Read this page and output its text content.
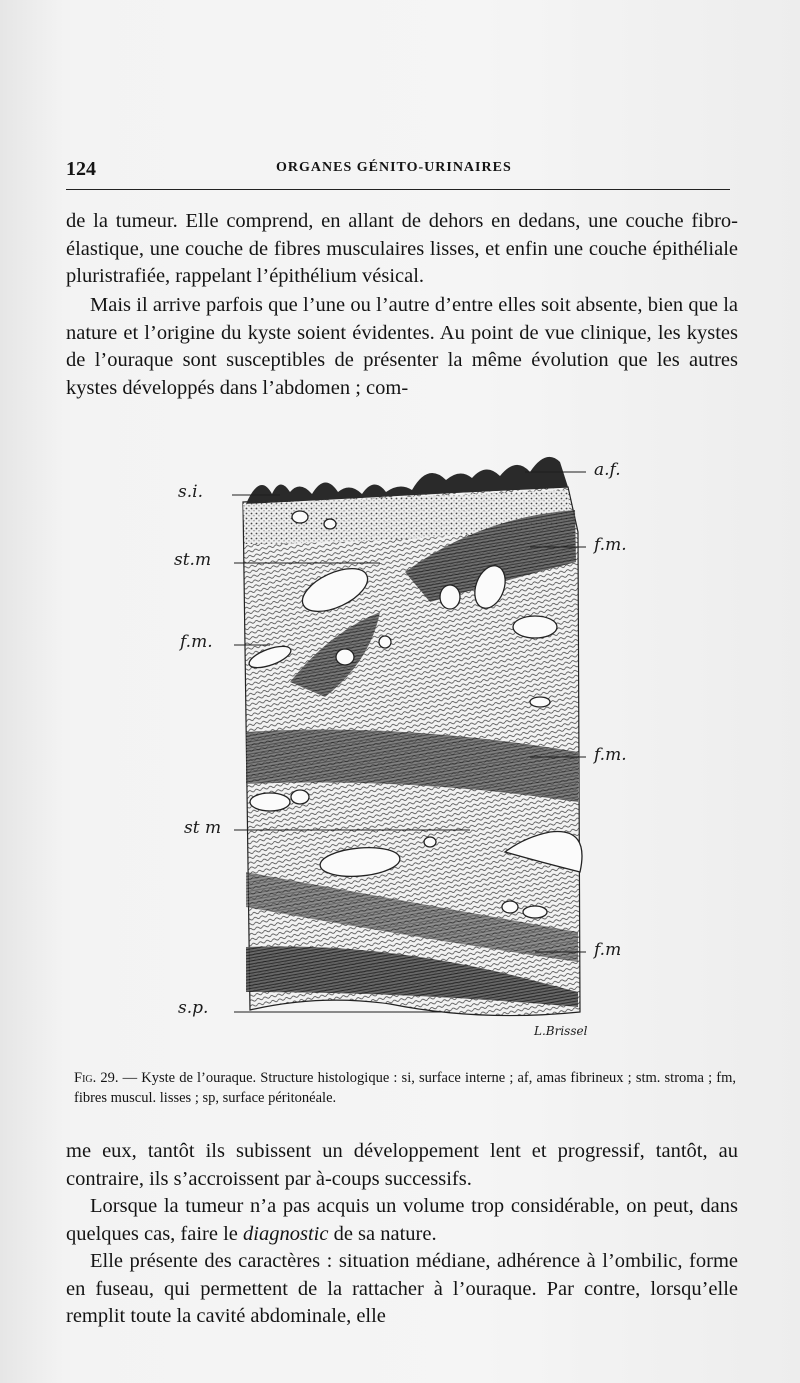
124	ORGANES GÉNITO-URINAIRES

de la tumeur. Elle comprend, en allant de dehors en dedans, une couche fibro-élastique, une couche de fibres musculaires lisses, et enfin une couche épithéliale pluristrafiée, rappelant l’épithélium vésical.

Mais il arrive parfois que l’une ou l’autre d’entre elles soit absente, bien que la nature et l’origine du kyste soient évidentes. Au point de vue clinique, les kystes de l’ouraque sont susceptibles de présenter la même évolution que les autres kystes développés dans l’abdomen ; com-

s.i.
st.m
f.m.
st m
s.p.
a.f.
f.m.
f.m.
f.m
L.Brissel

Fig. 29. — Kyste de l’ouraque. Structure histologique : si, surface interne ; af, amas fibrineux ; stm. stroma ; fm, fibres muscul. lisses ; sp, surface péritonéale.

me eux, tantôt ils subissent un développement lent et progressif, tantôt, au contraire, ils s’accroissent par à-coups successifs.

Lorsque la tumeur n’a pas acquis un volume trop considérable, on peut, dans quelques cas, faire le diagnostic de sa nature.

Elle présente des caractères : situation médiane, adhérence à l’ombilic, forme en fuseau, qui permettent de la rattacher à l’ouraque. Par contre, lorsqu’elle remplit toute la cavité abdominale, elle
